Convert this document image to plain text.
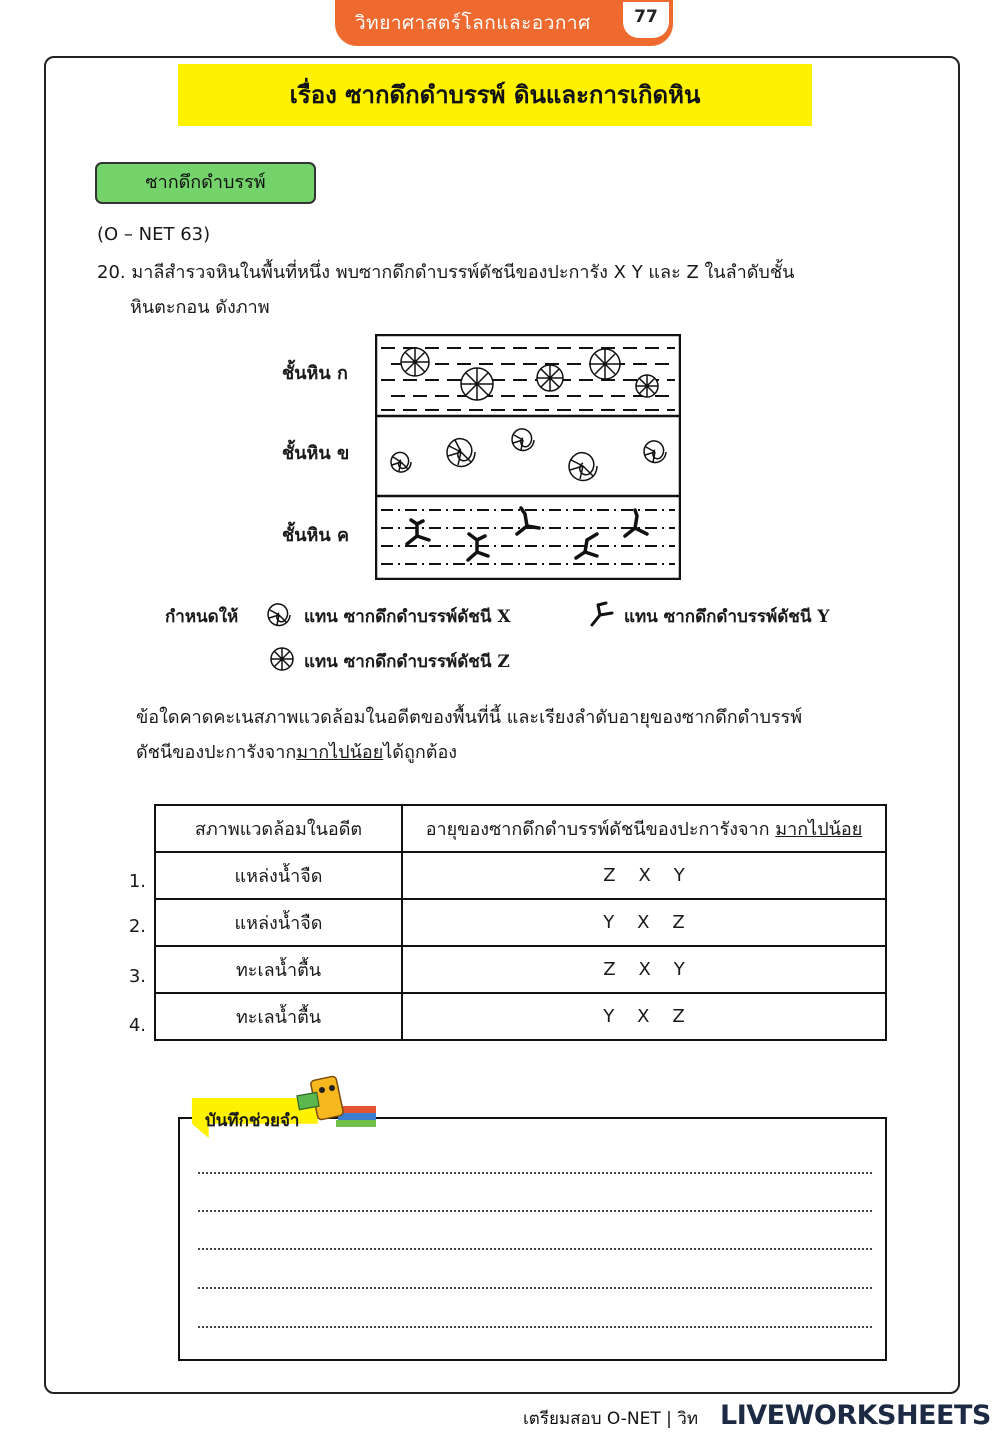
วิทยาศาสตร์โลกและอวกาศ	77
เรื่อง ซากดึกดำบรรพ์ ดินและการเกิดหิน
ซากดึกดำบรรพ์
(O – NET 63)
20. มาลีสำรวจหินในพื้นที่หนึ่ง พบซากดึกดำบรรพ์ดัชนีของปะการัง X Y และ Z ในลำดับชั้น
หินตะกอน ดังภาพ
ชั้นหิน ก
ชั้นหิน ข
ชั้นหิน ค
กำหนดให้	แทน ซากดึกดำบรรพ์ดัชนี X	แทน ซากดึกดำบรรพ์ดัชนี Y
แทน ซากดึกดำบรรพ์ดัชนี Z
ข้อใดคาดคะเนสภาพแวดล้อมในอดีตของพื้นที่นี้ และเรียงลำดับอายุของซากดึกดำบรรพ์
ดัชนีของปะการังจากมากไปน้อยได้ถูกต้อง
1.
2.
3.
4.
สภาพแวดล้อมในอดีต	อายุของซากดึกดำบรรพ์ดัชนีของปะการังจาก มากไปน้อย
แหล่งน้ำจืด	Z    X    Y
แหล่งน้ำจืด	Y    X    Z
ทะเลน้ำตื้น	Z    X    Y
ทะเลน้ำตื้น	Y    X    Z
บันทึกช่วยจำ
เตรียมสอบ O-NET | วิท LIVEWORKSHEETS
